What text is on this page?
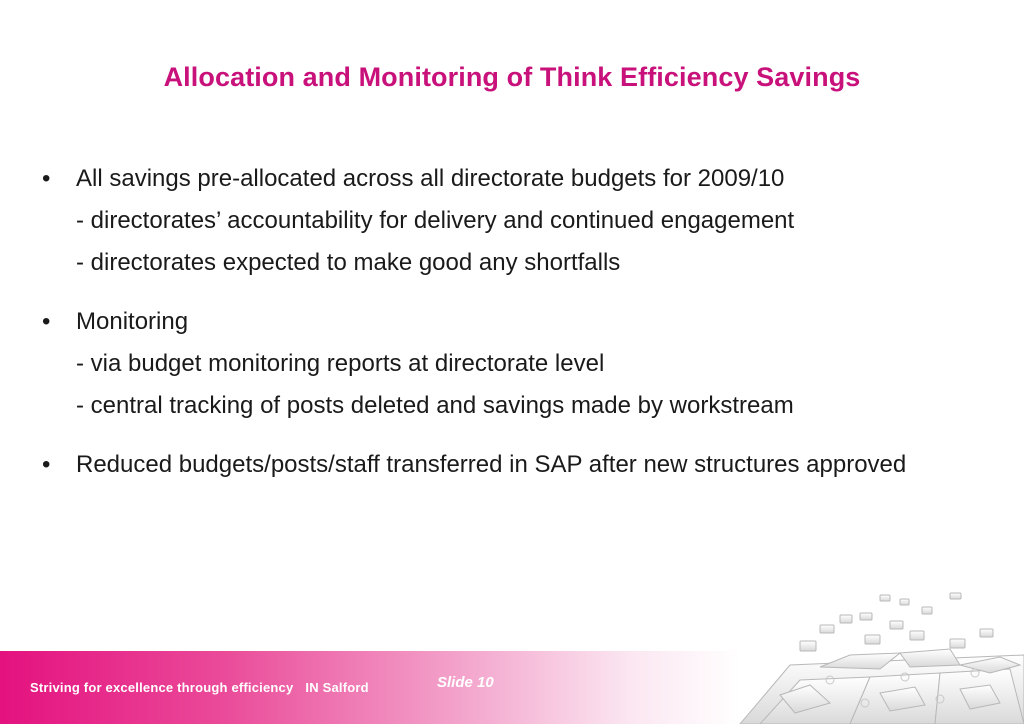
Allocation and Monitoring of Think Efficiency Savings
• All savings pre-allocated across all directorate budgets for 2009/10
- directorates’ accountability for delivery and continued engagement
- directorates expected to make good any shortfalls
• Monitoring
- via budget monitoring reports at directorate level
- central tracking of posts deleted and savings made by workstream
• Reduced budgets/posts/staff transferred in SAP after new structures approved
Striving for excellence through efficiency IN Salford	Slide 10
